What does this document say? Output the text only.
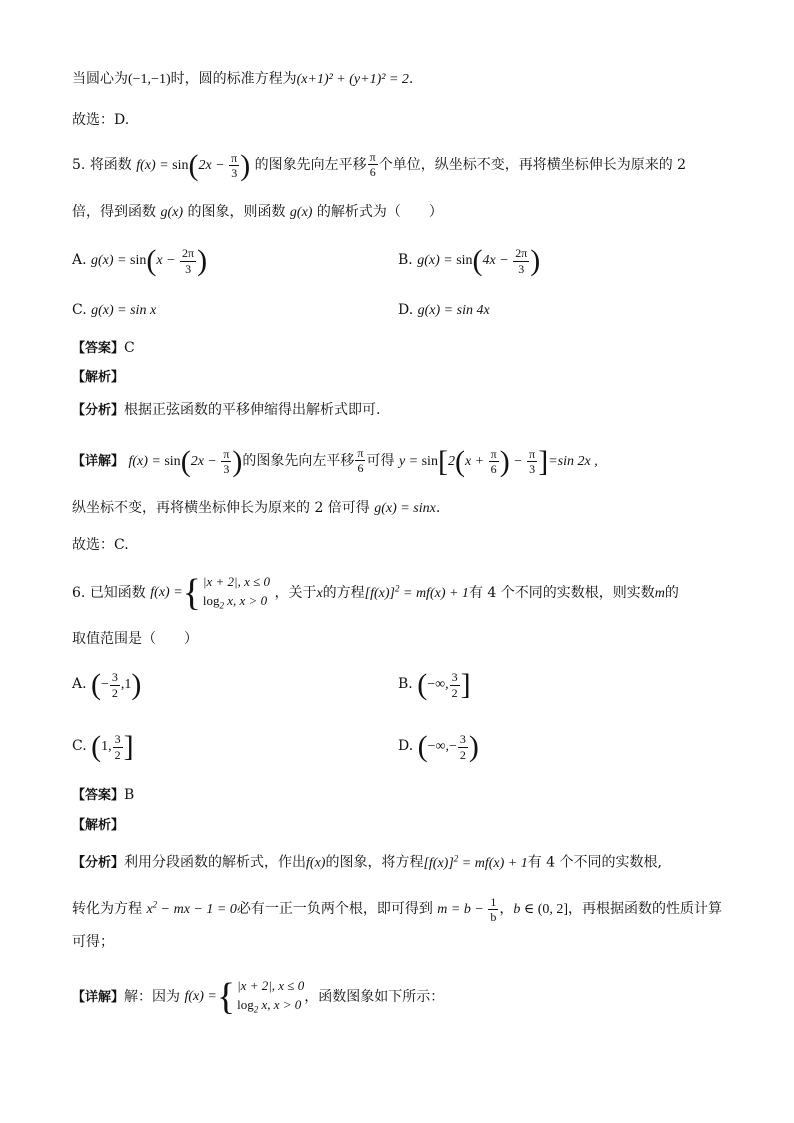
当圆心为(−1,−1)时，圆的标准方程为(x+1)² + (y+1)² = 2.
故选：D.
5. 将函数 $f(x) = \sin(2x - \frac{\pi}{3}$ ) 的图象先向左平移 $\frac{\pi}{6}$ 个单位，纵坐标不变，再将横坐标伸长为原来的 2
倍，得到函数 g(x) 的图象，则函数 g(x) 的解析式为（　　）
A. $g(x) = \sin(x - \frac{2\pi}{3}$ )	B. $g(x) = \sin(4x - \frac{2\pi}{3}$ )
C. g(x) = sin x	D. g(x) = sin 4x
【答案】C
【解析】
【分析】根据正弦函数的平移伸缩得出解析式即可.
【详解】 $f(x) = \sin(2x - \frac{\pi}{3}$ )的图象先向左平移 $\frac{\pi}{6}$ 可得 $y = \sin[2(x + \frac{\pi}{6}$ ) − $\frac{\pi}{3} ]=\sin$ 2x ,
纵坐标不变，再将横坐标伸长为原来的 2 倍可得 g(x) = sinx.
故选：C.
6. 已知函数 f(x) = { |x + 2|, x ≤ 0
$\log_2 x$, x > 0 ，关于x的方程$[f(x)]^2 = mf(x) + 1$有 4 个不同的实数根，则实数m的
取值范围是（　　）
A. (− $\frac{3}{2} ,1$)	B. (−∞, $\frac{3}{2}$ ]
C. (1, $\frac{3}{2}$ ]	D. (−∞,− $\frac{3}{2}$ )
【答案】B
【解析】
【分析】利用分段函数的解析式，作出f(x)的图象，将方程$[f(x)]^2 = mf(x) + 1$有 4 个不同的实数根,
转化为方程 $x^2$ − mx − 1 = 0必有一正一负两个根，即可得到 $m = b - \frac{1}{b}$ ，b ∈ (0, 2]，再根据函数的性质计算
可得；
【详解】解：因为 f(x) = { |x + 2|, x ≤ 0
$\log_2 x$, x > 0 ，函数图象如下所示：
